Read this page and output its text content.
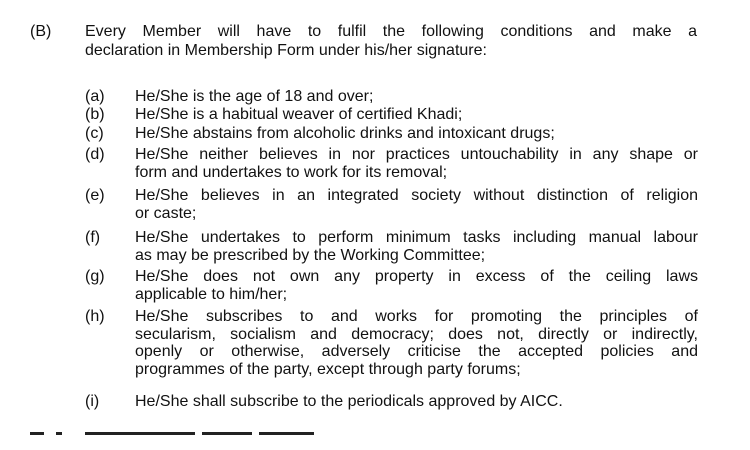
(B) Every Member will have to fulfil the following conditions and make a
declaration in Membership Form under his/her signature:
(a) He/She is the age of 18 and over;
(b) He/She is a habitual weaver of certified Khadi;
(c) He/She abstains from alcoholic drinks and intoxicant drugs;
(d) He/She neither believes in nor practices untouchability in any shape or
form and undertakes to work for its removal;
(e) He/She believes in an integrated society without distinction of religion
or caste;
(f) He/She undertakes to perform minimum tasks including manual labour
as may be prescribed by the Working Committee;
(g) He/She does not own any property in excess of the ceiling laws
applicable to him/her;
(h) He/She subscribes to and works for promoting the principles of
secularism, socialism and democracy; does not, directly or indirectly,
openly or otherwise, adversely criticise the accepted policies and
programmes of the party, except through party forums;
(i) He/She shall subscribe to the periodicals approved by AICC.
